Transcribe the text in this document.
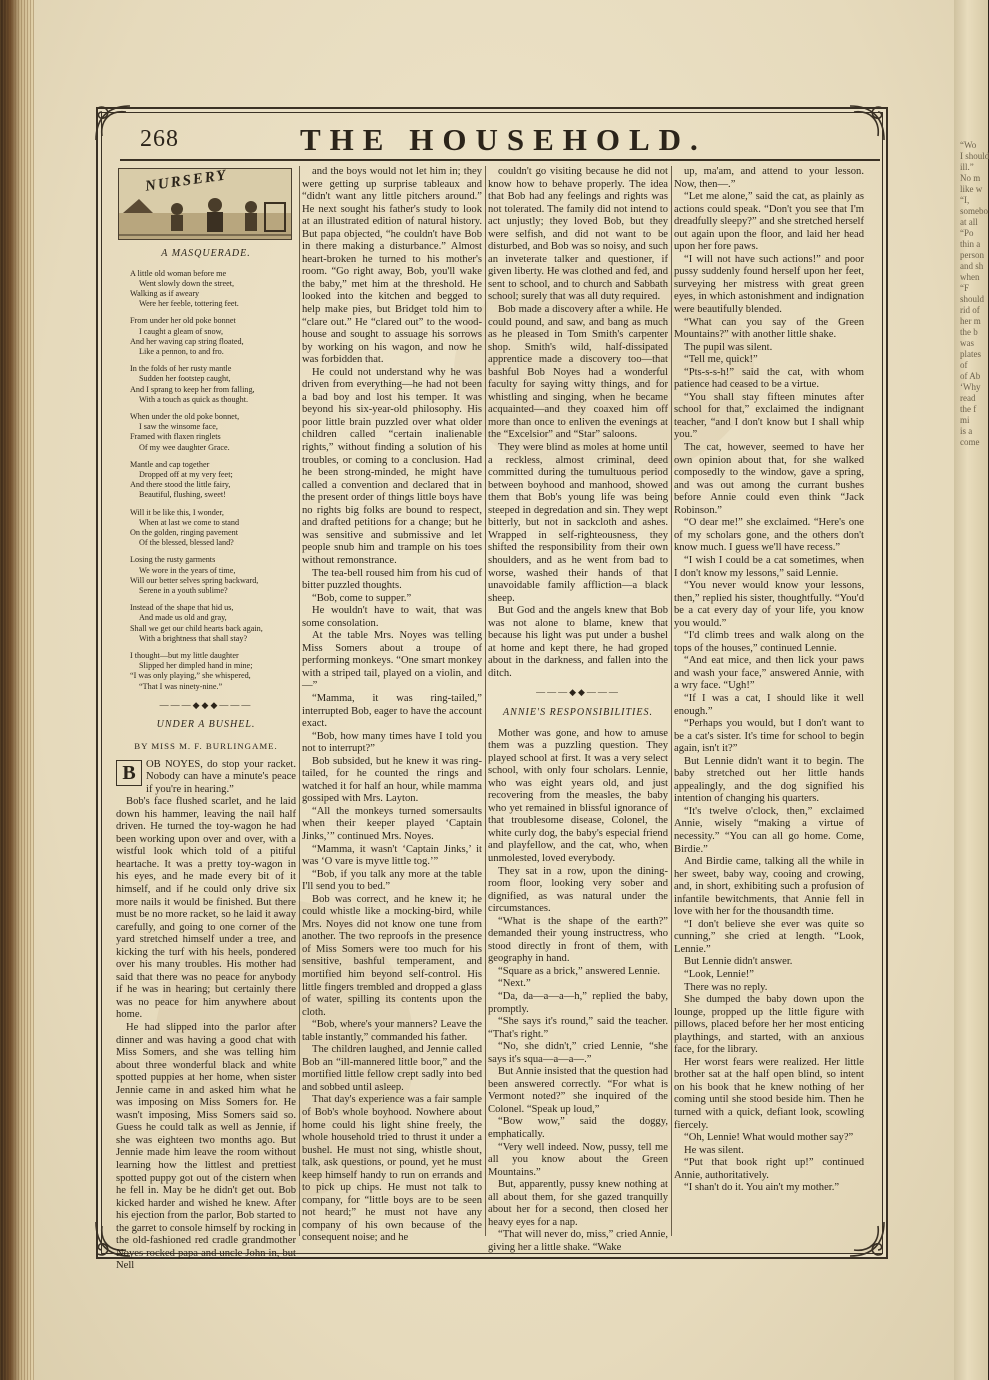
“Wo
I should
ill.”
No m
like w
“I,
somebo
at all
“Po
thin a
person
and sh
when
“F
should
rid of
her m
the b
was
plates
of
of Ab
‘Why
read
the f
mi
is a
come
268	THE HOUSEHOLD.
NURSERY
A MASQUERADE.
A little old woman before me
Went slowly down the street,
Walking as if aweary
Were her feeble, tottering feet.
From under her old poke bonnet
I caught a gleam of snow,
And her waving cap string floated,
Like a pennon, to and fro.
In the folds of her rusty mantle
Sudden her footstep caught,
And I sprang to keep her from falling,
With a touch as quick as thought.
When under the old poke bonnet,
I saw the winsome face,
Framed with flaxen ringlets
Of my wee daughter Grace.
Mantle and cap together
Dropped off at my very feet;
And there stood the little fairy,
Beautiful, flushing, sweet!
Will it be like this, I wonder,
When at last we come to stand
On the golden, ringing pavement
Of the blessed, blessed land?
Losing the rusty garments
We wore in the years of time,
Will our better selves spring backward,
Serene in a youth sublime?
Instead of the shape that hid us,
And made us old and gray,
Shall we get our child hearts back again,
With a brightness that shall stay?
I thought—but my little daughter
Slipped her dimpled hand in mine;
“I was only playing,” she whispered,
“That I was ninety-nine.”
———◆◆◆———
UNDER A BUSHEL.
BY MISS M. F. BURLINGAME.

B OB NOYES, do stop your racket. Nobody can have a minute's peace if you're in hearing.”

Bob's face flushed scarlet, and he laid down his hammer, leaving the nail half driven. He turned the toy-wagon he had been working upon over and over, with a wistful look which told of a pitiful heartache. It was a pretty toy-wagon in his eyes, and he made every bit of it himself, and if he could only drive six more nails it would be finished. But there must be no more racket, so he laid it away carefully, and going to one corner of the yard stretched himself under a tree, and kicking the turf with his heels, pondered over his many troubles. His mother had said that there was no peace for anybody if he was in hearing; but certainly there was no peace for him anywhere about home.

He had slipped into the parlor after dinner and was having a good chat with Miss Somers, and she was telling him about three wonderful black and white spotted puppies at her home, when sister Jennie came in and asked him what he was imposing on Miss Somers for. He wasn't imposing, Miss Somers said so. Guess he could talk as well as Jennie, if she was eighteen two months ago. But Jennie made him leave the room without learning how the littlest and prettiest spotted puppy got out of the cistern when he fell in. May be he didn't get out. Bob kicked harder and wished he knew. After his ejection from the parlor, Bob started to the garret to console himself by rocking in the old-fashioned red cradle grandmother Noyes rocked papa and uncle John in, but Nell

and the boys would not let him in; they were getting up surprise tableaux and “didn't want any little pitchers around.” He next sought his father's study to look at an illustrated edition of natural history. But papa objected, “he couldn't have Bob in there making a disturbance.” Almost heart-broken he turned to his mother's room. “Go right away, Bob, you'll wake the baby,” met him at the threshold. He looked into the kitchen and begged to help make pies, but Bridget told him to “clare out.” He “clared out” to the wood-house and sought to assuage his sorrows by working on his wagon, and now he was forbidden that.

He could not understand why he was driven from everything—he had not been a bad boy and lost his temper. It was beyond his six-year-old philosophy. His poor little brain puzzled over what older children called “certain inalienable rights,” without finding a solution of his troubles, or coming to a conclusion. Had he been strong-minded, he might have called a convention and declared that in the present order of things little boys have no rights big folks are bound to respect, and drafted petitions for a change; but he was sensitive and submissive and let people snub him and trample on his toes without remonstrance.

The tea-bell roused him from his cud of bitter puzzled thoughts.

“Bob, come to supper.”

He wouldn't have to wait, that was some consolation.

At the table Mrs. Noyes was telling Miss Somers about a troupe of performing monkeys. “One smart monkey with a striped tail, played on a violin, and—”

“Mamma, it was ring-tailed,” interrupted Bob, eager to have the account exact.

“Bob, how many times have I told you not to interrupt?”

Bob subsided, but he knew it was ring-tailed, for he counted the rings and watched it for half an hour, while mamma gossiped with Mrs. Layton.

“All the monkeys turned somersaults when their keeper played ‘Captain Jinks,’” continued Mrs. Noyes.

“Mamma, it wasn't ‘Captain Jinks,’ it was ‘O vare is myve little tog.’”

“Bob, if you talk any more at the table I'll send you to bed.”

Bob was correct, and he knew it; he could whistle like a mocking-bird, while Mrs. Noyes did not know one tune from another. The two reproofs in the presence of Miss Somers were too much for his sensitive, bashful temperament, and mortified him beyond self-control. His little fingers trembled and dropped a glass of water, spilling its contents upon the cloth.

“Bob, where's your manners? Leave the table instantly,” commanded his father.

The children laughed, and Jennie called Bob an “ill-mannered little boor,” and the mortified little fellow crept sadly into bed and sobbed until asleep.

That day's experience was a fair sample of Bob's whole boyhood. Nowhere about home could his light shine freely, the whole household tried to thrust it under a bushel. He must not sing, whistle shout, talk, ask questions, or pound, yet he must keep himself handy to run on errands and to pick up chips. He must not talk to company, for “little boys are to be seen not heard;” he must not have any company of his own because of the consequent noise; and he

couldn't go visiting because he did not know how to behave properly. The idea that Bob had any feelings and rights was not tolerated. The family did not intend to act unjustly; they loved Bob, but they were selfish, and did not want to be disturbed, and Bob was so noisy, and such an inveterate talker and questioner, if given liberty. He was clothed and fed, and sent to school, and to church and Sabbath school; surely that was all duty required.

Bob made a discovery after a while. He could pound, and saw, and bang as much as he pleased in Tom Smith's carpenter shop. Smith's wild, half-dissipated apprentice made a discovery too—that bashful Bob Noyes had a wonderful faculty for saying witty things, and for whistling and singing, when he became acquainted—and they coaxed him off more than once to enliven the evenings at the “Excelsior” and “Star” saloons.

They were blind as moles at home until a reckless, almost criminal, deed committed during the tumultuous period between boyhood and manhood, showed them that Bob's young life was being steeped in degredation and sin. They wept bitterly, but not in sackcloth and ashes. Wrapped in self-righteousness, they shifted the responsibility from their own shoulders, and as he went from bad to worse, washed their hands of that unavoidable family affliction—a black sheep.

But God and the angels knew that Bob was not alone to blame, knew that because his light was put under a bushel at home and kept there, he had groped about in the darkness, and fallen into the ditch.

———◆◆———
ANNIE'S RESPONSIBILITIES.

Mother was gone, and how to amuse them was a puzzling question. They played school at first. It was a very select school, with only four scholars. Lennie, who was eight years old, and just recovering from the measles, the baby who yet remained in blissful ignorance of that troublesome disease, Colonel, the white curly dog, the baby's especial friend and playfellow, and the cat, who, when unmolested, loved everybody.

They sat in a row, upon the dining-room floor, looking very sober and dignified, as was natural under the circumstances.

“What is the shape of the earth?” demanded their young instructress, who stood directly in front of them, with geography in hand.

“Square as a brick,” answered Lennie.

“Next.”

“Da, da—a—a—h,” replied the baby, promptly.

“She says it's round,” said the teacher. “That's right.”

“No, she didn't,” cried Lennie, “she says it's squa—a—a—.”

But Annie insisted that the question had been answered correctly. “For what is Vermont noted?” she inquired of the Colonel. “Speak up loud,”

“Bow wow,” said the doggy, emphatically.

“Very well indeed. Now, pussy, tell me all you know about the Green Mountains.”

But, apparently, pussy knew nothing at all about them, for she gazed tranquilly about her for a second, then closed her heavy eyes for a nap.

“That will never do, miss,” cried Annie, giving her a little shake. “Wake

up, ma'am, and attend to your lesson. Now, then—.”

“Let me alone,” said the cat, as plainly as actions could speak. “Don't you see that I'm dreadfully sleepy?” and she stretched herself out again upon the floor, and laid her head upon her fore paws.

“I will not have such actions!” and poor pussy suddenly found herself upon her feet, surveying her mistress with great green eyes, in which astonishment and indignation were beautifully blended.

“What can you say of the Green Mountains?” with another little shake.

The pupil was silent.

“Tell me, quick!”

“Pts-s-s-h!” said the cat, with whom patience had ceased to be a virtue.

“You shall stay fifteen minutes after school for that,” exclaimed the indignant teacher, “and I don't know but I shall whip you.”

The cat, however, seemed to have her own opinion about that, for she walked composedly to the window, gave a spring, and was out among the currant bushes before Annie could even think “Jack Robinson.”

“O dear me!” she exclaimed. “Here's one of my scholars gone, and the others don't know much. I guess we'll have recess.”

“I wish I could be a cat sometimes, when I don't know my lessons,” said Lennie.

“You never would know your lessons, then,” replied his sister, thoughtfully. “You'd be a cat every day of your life, you know you would.”

“I'd climb trees and walk along on the tops of the houses,” continued Lennie.

“And eat mice, and then lick your paws and wash your face,” answered Annie, with a wry face. “Ugh!”

“If I was a cat, I should like it well enough.”

“Perhaps you would, but I don't want to be a cat's sister. It's time for school to begin again, isn't it?”

But Lennie didn't want it to begin. The baby stretched out her little hands appealingly, and the dog signified his intention of changing his quarters.

“It's twelve o'clock, then,” exclaimed Annie, wisely “making a virtue of necessity.” “You can all go home. Come, Birdie.”

And Birdie came, talking all the while in her sweet, baby way, cooing and crowing, and, in short, exhibiting such a profusion of infantile bewitchments, that Annie fell in love with her for the thousandth time.

“I don't believe she ever was quite so cunning,” she cried at length. “Look, Lennie.”

But Lennie didn't answer.

“Look, Lennie!”

There was no reply.

She dumped the baby down upon the lounge, propped up the little figure with pillows, placed before her her most enticing playthings, and started, with an anxious face, for the library.

Her worst fears were realized. Her little brother sat at the half open blind, so intent on his book that he knew nothing of her coming until she stood beside him. Then he turned with a quick, defiant look, scowling fiercely.

“Oh, Lennie! What would mother say?”

He was silent.

“Put that book right up!” continued Annie, authoritatively.

“I shan't do it. You ain't my mother.”
